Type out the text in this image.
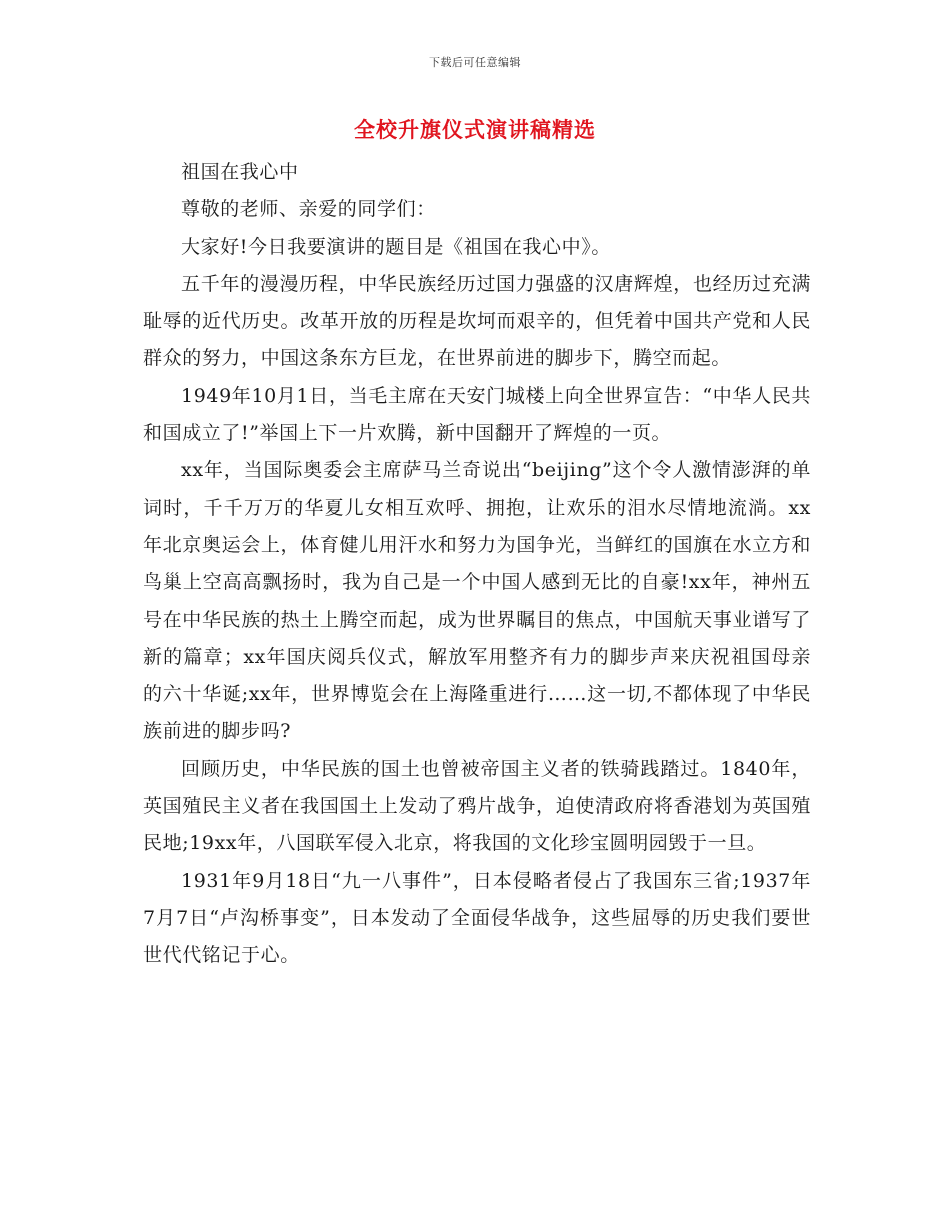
下载后可任意编辑
全校升旗仪式演讲稿精选

祖国在我心中

尊敬的老师、亲爱的同学们：

大家好!今日我要演讲的题目是《祖国在我心中》。

五千年的漫漫历程，中华民族经历过国力强盛的汉唐辉煌，也经历过充满耻辱的近代历史。改革开放的历程是坎坷而艰辛的，但凭着中国共产党和人民群众的努力，中国这条东方巨龙，在世界前进的脚步下，腾空而起。

1949年10月1日，当毛主席在天安门城楼上向全世界宣告：“中华人民共和国成立了!”举国上下一片欢腾，新中国翻开了辉煌的一页。

xx年，当国际奥委会主席萨马兰奇说出“beijing”这个令人激情澎湃的单词时，千千万万的华夏儿女相互欢呼、拥抱，让欢乐的泪水尽情地流淌。xx年北京奥运会上，体育健儿用汗水和努力为国争光，当鲜红的国旗在水立方和鸟巢上空高高飘扬时，我为自己是一个中国人感到无比的自豪!xx年，神州五号在中华民族的热土上腾空而起，成为世界瞩目的焦点，中国航天事业谱写了新的篇章；xx年国庆阅兵仪式，解放军用整齐有力的脚步声来庆祝祖国母亲的六十华诞;xx年，世界博览会在上海隆重进行……这一切,不都体现了中华民族前进的脚步吗?

回顾历史，中华民族的国土也曾被帝国主义者的铁骑践踏过。1840年，英国殖民主义者在我国国土上发动了鸦片战争，迫使清政府将香港划为英国殖民地;19xx年，八国联军侵入北京，将我国的文化珍宝圆明园毁于一旦。

1931年9月18日“九一八事件”，日本侵略者侵占了我国东三省;1937年7月7日“卢沟桥事变”，日本发动了全面侵华战争，这些屈辱的历史我们要世世代代铭记于心。
